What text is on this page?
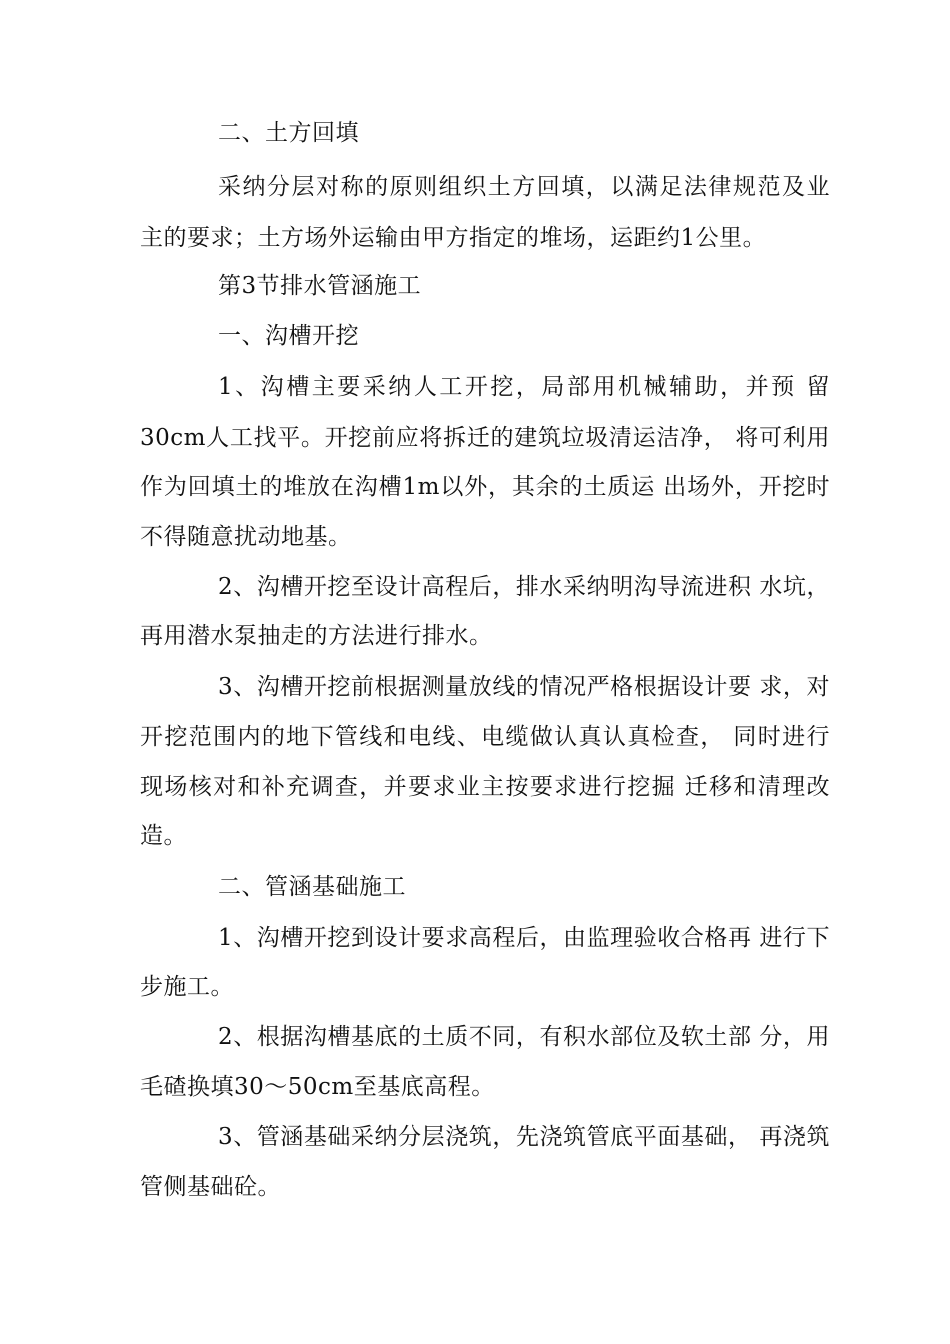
二、土方回填
采纳分层对称的原则组织土方回填，以满足法律规范及业
主的要求；土方场外运输由甲方指定的堆场，运距约1公里。
第3节排水管涵施工
一、沟槽开挖
1、沟槽主要采纳人工开挖，局部用机械辅助，并预 留
30cm人工找平。开挖前应将拆迁的建筑垃圾清运洁净， 将可利用
作为回填土的堆放在沟槽1m以外，其余的土质运 出场外，开挖时
不得随意扰动地基。
2、沟槽开挖至设计高程后，排水采纳明沟导流进积 水坑，
再用潜水泵抽走的方法进行排水。
3、沟槽开挖前根据测量放线的情况严格根据设计要 求，对
开挖范围内的地下管线和电线、电缆做认真认真检查， 同时进行
现场核对和补充调查，并要求业主按要求进行挖掘 迁移和清理改
造。
二、管涵基础施工
1、沟槽开挖到设计要求高程后，由监理验收合格再 进行下
步施工。
2、根据沟槽基底的土质不同，有积水部位及软土部 分，用
毛碴换填30〜50cm至基底高程。
3、管涵基础采纳分层浇筑，先浇筑管底平面基础， 再浇筑
管侧基础砼。
